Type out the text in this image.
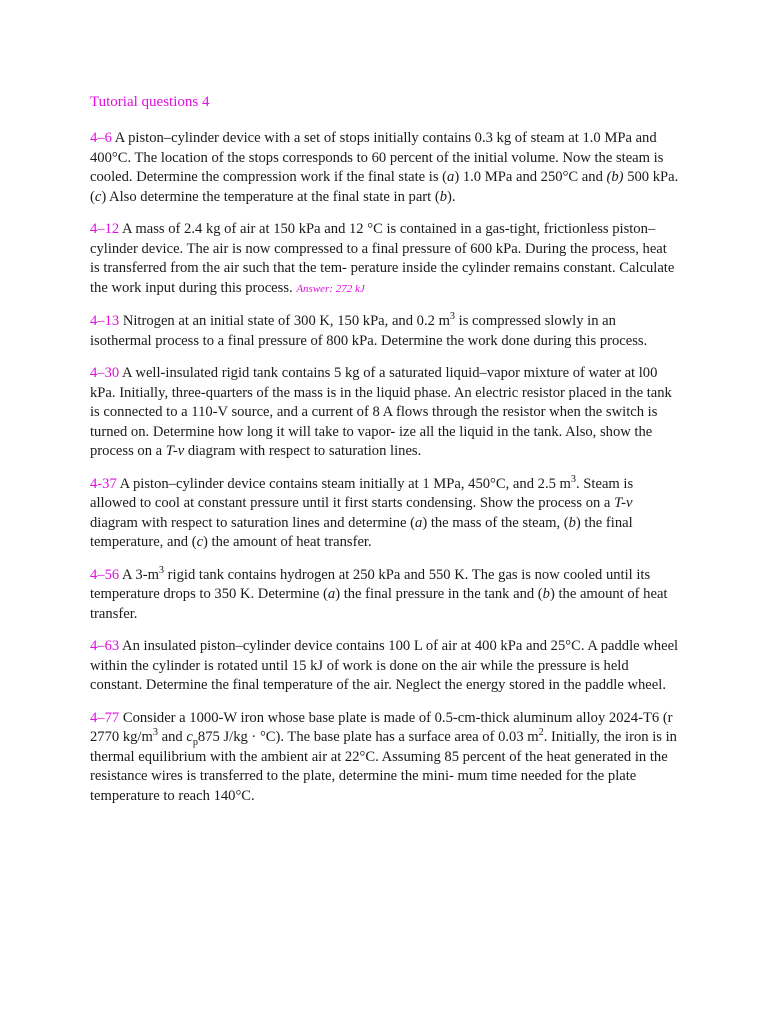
Tutorial questions 4

4–6 A piston–cylinder device with a set of stops initially contains 0.3 kg of steam at 1.0 MPa and 400°C. The location of the stops corresponds to 60 percent of the initial volume. Now the steam is cooled. Determine the compression work if the final state is (a) 1.0 MPa and 250°C and (b) 500 kPa. (c) Also determine the temperature at the final state in part (b).

4–12 A mass of 2.4 kg of air at 150 kPa and 12 °C is contained in a gas-tight, frictionless piston–cylinder device. The air is now compressed to a final pressure of 600 kPa. During the process, heat is transferred from the air such that the tem- perature inside the cylinder remains constant. Calculate the work input during this process. Answer: 272 kJ

4–13 Nitrogen at an initial state of 300 K, 150 kPa, and 0.2 $m^3$ is compressed slowly in an isothermal process to a final pressure of 800 kPa. Determine the work done during this process.

4–30 A well-insulated rigid tank contains 5 kg of a saturated liquid–vapor mixture of water at l00 kPa. Initially, three-quarters of the mass is in the liquid phase. An electric resistor placed in the tank is connected to a 110-V source, and a current of 8 A flows through the resistor when the switch is turned on. Determine how long it will take to vapor- ize all the liquid in the tank. Also, show the process on a T-v diagram with respect to saturation lines.

4-37 A piston–cylinder device contains steam initially at 1 MPa, 450°C, and 2.5 $m^3$. Steam is allowed to cool at constant pressure until it first starts condensing. Show the process on a T-v diagram with respect to saturation lines and determine (a) the mass of the steam, (b) the final temperature, and (c) the amount of heat transfer.

4–56 A $3-m^3$ rigid tank contains hydrogen at 250 kPa and 550 K. The gas is now cooled until its temperature drops to 350 K. Determine (a) the final pressure in the tank and (b) the amount of heat transfer.

4–63 An insulated piston–cylinder device contains 100 L of air at 400 kPa and 25°C. A paddle wheel within the cylinder is rotated until 15 kJ of work is done on the air while the pressure is held constant. Determine the final temperature of the air. Neglect the energy stored in the paddle wheel.

4–77 Consider a 1000-W iron whose base plate is made of 0.5-cm-thick aluminum alloy 2024-T6 (r 2770 $kg/m^3$ and $c_p875$ J/kg · °C). The base plate has a surface area of 0.03 $m^2$. Initially, the iron is in thermal equilibrium with the ambient air at 22°C. Assuming 85 percent of the heat generated in the resistance wires is transferred to the plate, determine the mini- mum time needed for the plate temperature to reach 140°C.
